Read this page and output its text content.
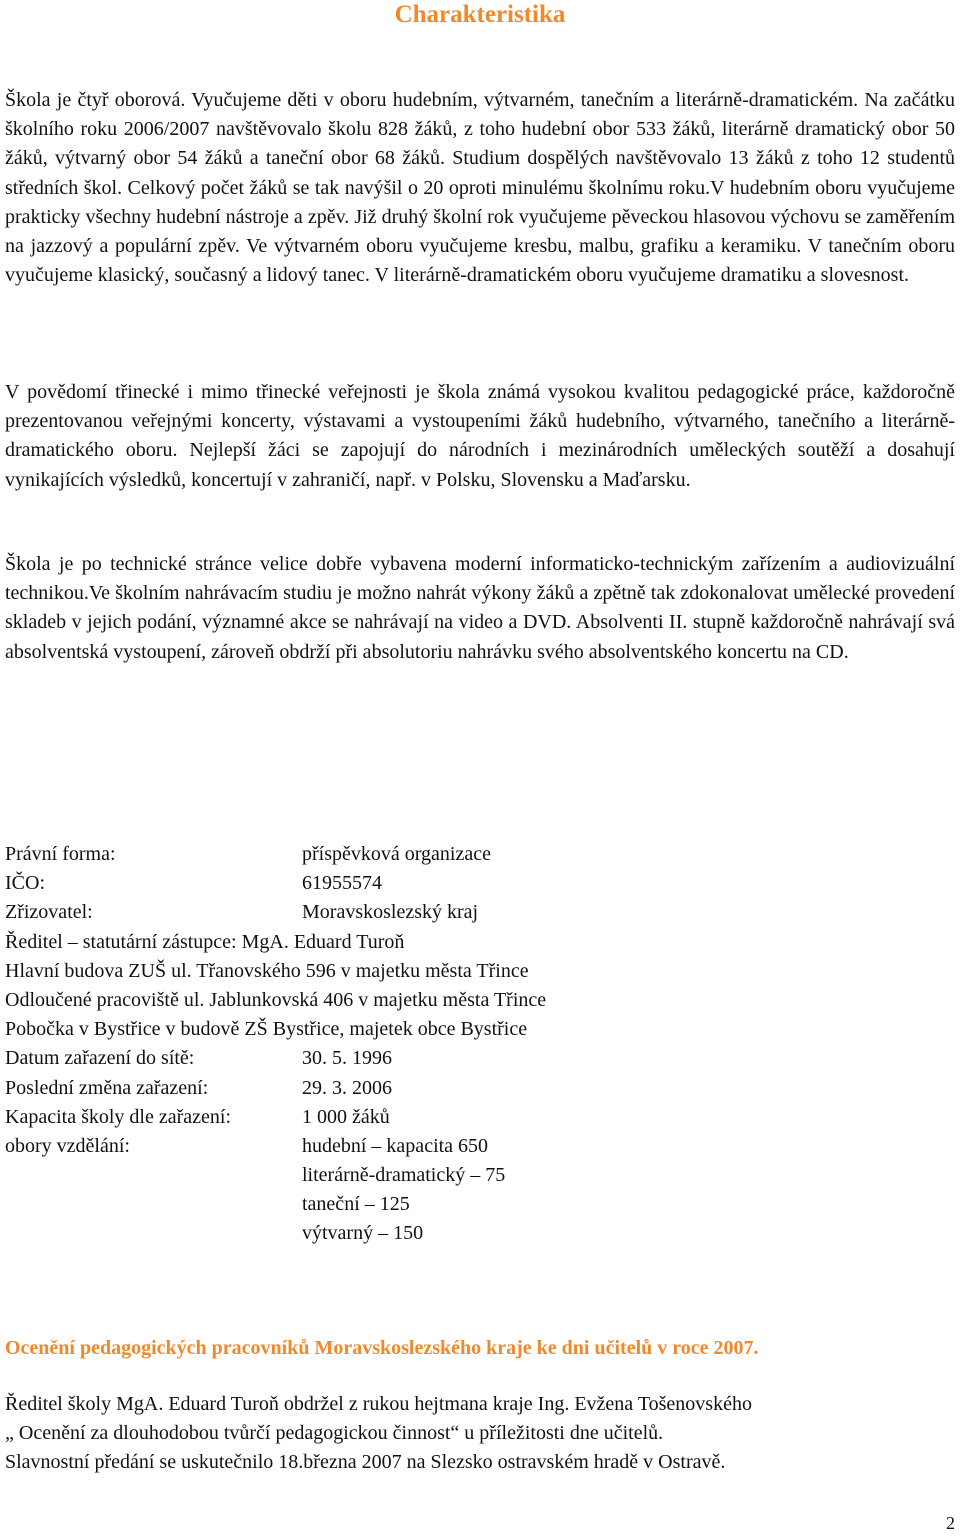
Charakteristika

Škola je čtyř oborová. Vyučujeme děti v oboru hudebním, výtvarném, tanečním a literárně-dramatickém. Na začátku školního roku 2006/2007 navštěvovalo školu 828 žáků, z toho hudební obor 533 žáků, literárně dramatický obor 50 žáků, výtvarný obor 54 žáků a taneční obor 68 žáků. Studium dospělých navštěvovalo 13 žáků z toho 12 studentů středních škol. Celkový počet žáků se tak navýšil o 20 oproti minulému školnímu roku.V hudebním oboru vyučujeme prakticky všechny hudební nástroje a zpěv. Již druhý školní rok vyučujeme pěveckou hlasovou výchovu se zaměřením na jazzový a populární zpěv. Ve výtvarném oboru vyučujeme kresbu, malbu, grafiku a keramiku. V tanečním oboru vyučujeme klasický, současný a lidový tanec. V literárně-dramatickém oboru vyučujeme dramatiku a slovesnost.

V povědomí třinecké i mimo třinecké veřejnosti je škola známá vysokou kvalitou pedagogické práce, každoročně prezentovanou veřejnými koncerty, výstavami a vystoupeními žáků hudebního, výtvarného, tanečního a literárně-dramatického oboru. Nejlepší žáci se zapojují do národních i mezinárodních uměleckých soutěží a dosahují vynikajících výsledků, koncertují v zahraničí, např. v Polsku, Slovensku a Maďarsku.

Škola je po technické stránce velice dobře vybavena moderní informaticko-technickým zařízením a audiovizuální technikou.Ve školním nahrávacím studiu je možno nahrát výkony žáků a zpětně tak zdokonalovat umělecké provedení skladeb v jejich podání, významné akce se nahrávají na video a DVD. Absolventi II. stupně každoročně nahrávají svá absolventská vystoupení, zároveň obdrží při absolutoriu nahrávku svého absolventského koncertu na CD.

Právní forma:	příspěvková organizace
IČO:	61955574
Zřizovatel:	Moravskoslezský kraj
Ředitel – statutární zástupce: MgA. Eduard Turoň
Hlavní budova ZUŠ ul. Třanovského 596 v majetku města Třince
Odloučené pracoviště ul. Jablunkovská 406 v majetku města Třince
Pobočka v Bystřice v budově ZŠ Bystřice, majetek obce Bystřice
Datum zařazení do sítě:	30. 5. 1996
Poslední změna zařazení:	29. 3. 2006
Kapacita školy dle zařazení:	1 000 žáků
obory vzdělání:	hudební – kapacita 650
literárně-dramatický – 75
taneční – 125
výtvarný – 150
Ocenění pedagogických pracovníků Moravskoslezského kraje ke dni učitelů v roce 2007.
Ředitel školy MgA. Eduard Turoň obdržel z rukou hejtmana kraje Ing. Evžena Tošenovského
„ Ocenění za dlouhodobou tvůrčí pedagogickou činnost“ u příležitosti dne učitelů.
Slavnostní předání se uskutečnilo 18.března 2007 na Slezsko ostravském hradě v Ostravě.
2
